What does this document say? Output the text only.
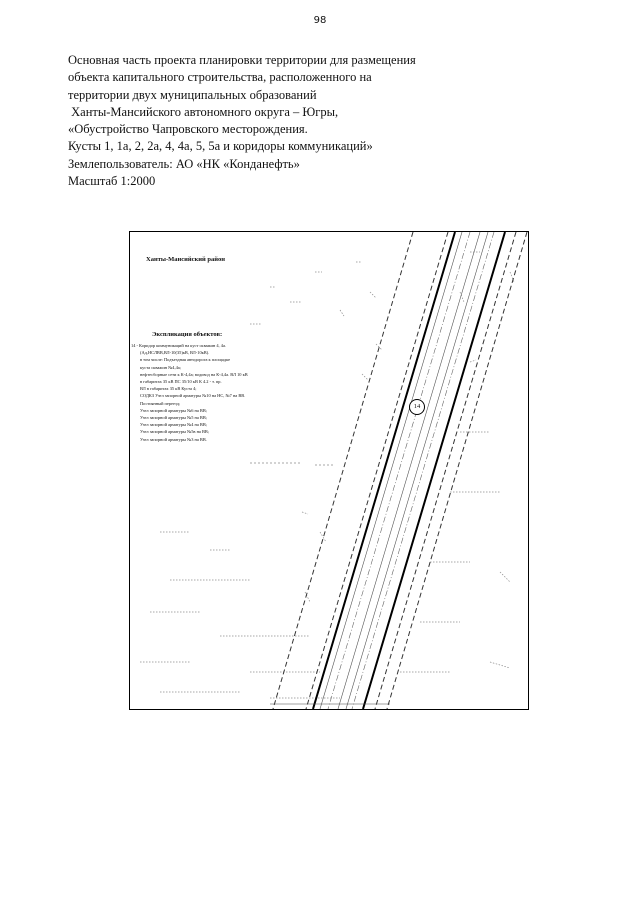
98
Основная часть проекта планировки территории для размещения
объекта капитального строительства, расположенного на
территории двух муниципальных образований
Ханты-Мансийского автономного округа – Югры,
«Обустройство Чапровского месторождения.
Кусты 1, 1а, 2, 2а, 4, 4а, 5, 5а и коридоры коммуникаций»
Землепользователь: АО «НК «Конданефть»
Масштаб 1:2000
Ханты-Мансийский район
Экспликация объектов:
14 - Коридор коммуникаций на куст скважин 4, 4а.
(Ад,НСЛВВ,ВЛ-10(35)кВ, ВЛ-10кВ).
в том числе: Подъездная автодорога к площадке
куста скважин №4,4а;
нефтесборные сети к К-4,4а; водовод на К-4,4а. ВЛ 10 кВ
в габаритах 35 кВ ПС 35/10 кВ К 4.2 - т. пр.
ВЛ в габаритах 35 кВ Куста 4;
СОДКЗ Узел запорной арматуры №10 на НС, №7 на ВВ.
Постоянный переезд;
Узел запорной арматуры №6 на ВВ;
Узел запорной арматуры №5 на ВВ;
Узел запорной арматуры №4 на ВВ;
Узел запорной арматуры №5в на ВВ;
Узел запорной арматуры №3 на ВВ.
14
